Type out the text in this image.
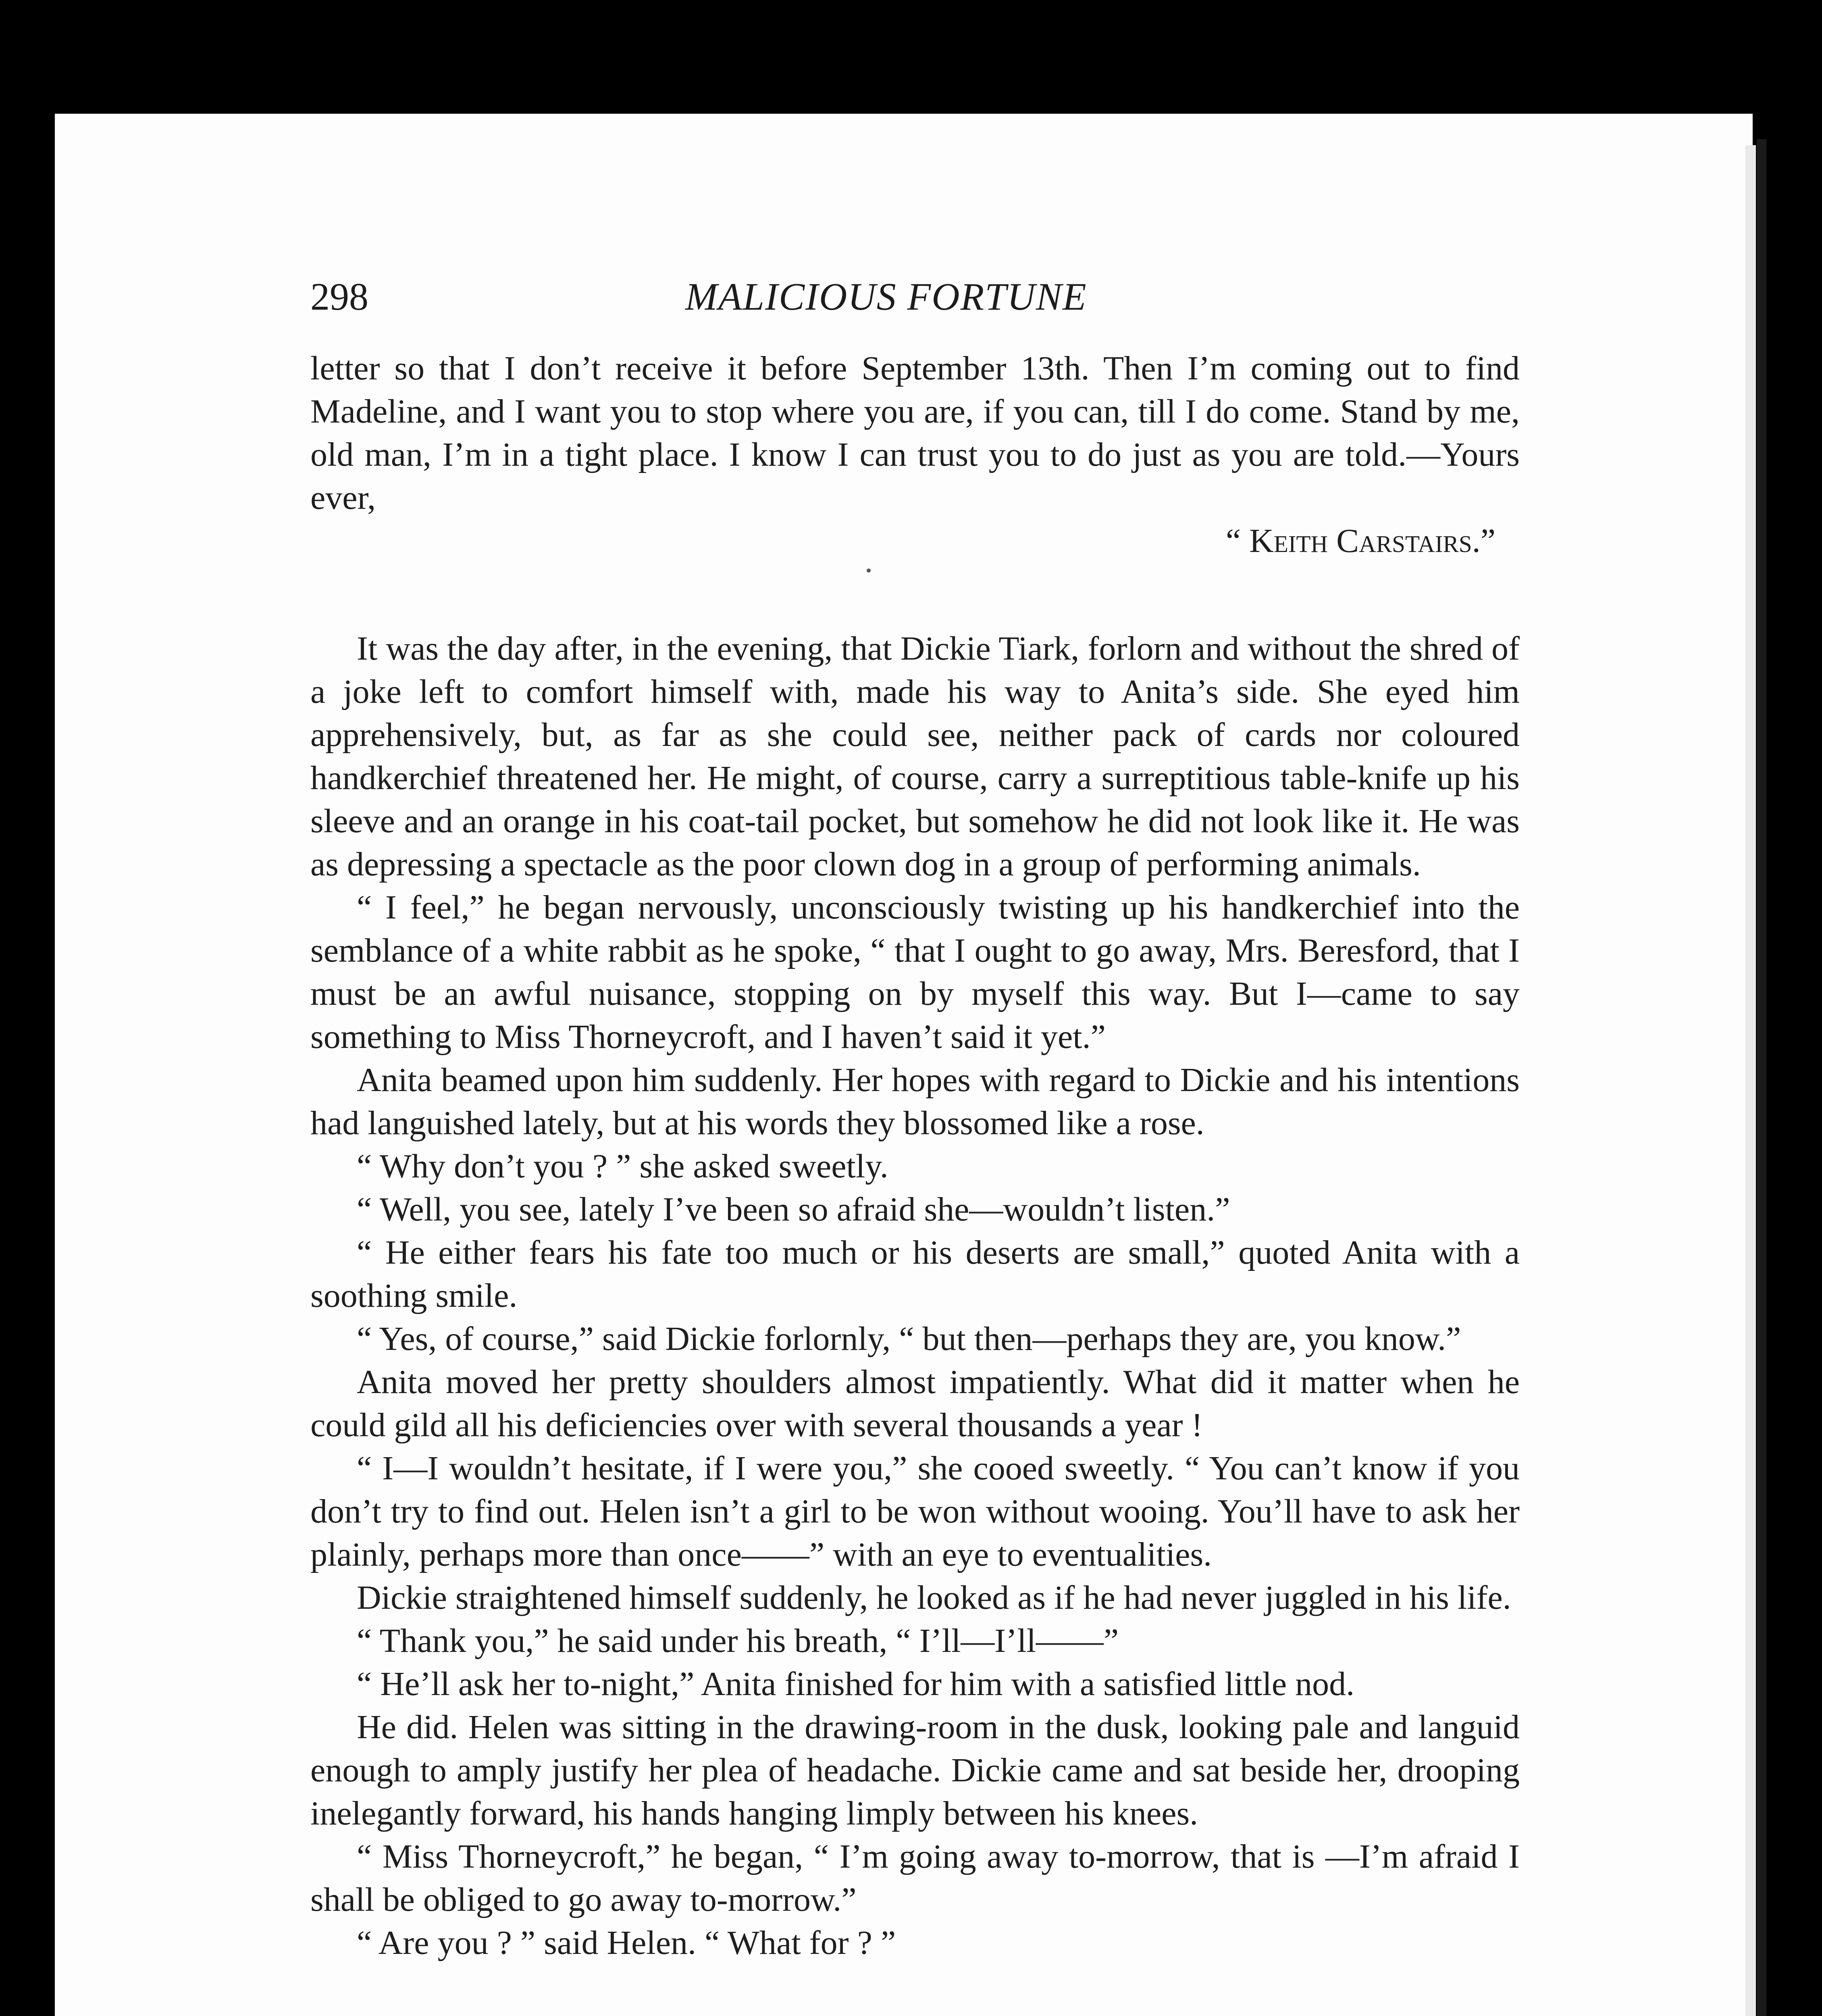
298	MALICIOUS FORTUNE

letter so that I don’t receive it before September 13th. Then I’m coming out to find Madeline, and I want you to stop where you are, if you can, till I do come. Stand by me, old man, I’m in a tight place. I know I can trust you to do just as you are told.—Yours ever,

“ Keith Carstairs.”

It was the day after, in the evening, that Dickie Tiark, forlorn and without the shred of a joke left to comfort himself with, made his way to Anita’s side. She eyed him apprehensively, but, as far as she could see, neither pack of cards nor coloured handkerchief threatened her. He might, of course, carry a surreptitious table-knife up his sleeve and an orange in his coat-tail pocket, but somehow he did not look like it. He was as depressing a spectacle as the poor clown dog in a group of performing animals.

“ I feel,” he began nervously, unconsciously twisting up his handkerchief into the semblance of a white rabbit as he spoke, “ that I ought to go away, Mrs. Beresford, that I must be an awful nuisance, stopping on by myself this way. But I—came to say something to Miss Thorneycroft, and I haven’t said it yet.”

Anita beamed upon him suddenly. Her hopes with regard to Dickie and his intentions had languished lately, but at his words they blossomed like a rose.

“ Why don’t you ? ” she asked sweetly.

“ Well, you see, lately I’ve been so afraid she—wouldn’t listen.”

“ He either fears his fate too much or his deserts are small,” quoted Anita with a soothing smile.

“ Yes, of course,” said Dickie forlornly, “ but then—perhaps they are, you know.”

Anita moved her pretty shoulders almost impatiently. What did it matter when he could gild all his deficiencies over with several thousands a year !

“ I—I wouldn’t hesitate, if I were you,” she cooed sweetly. “ You can’t know if you don’t try to find out. Helen isn’t a girl to be won without wooing. You’ll have to ask her plainly, perhaps more than once——” with an eye to eventualities.

Dickie straightened himself suddenly, he looked as if he had never juggled in his life.

“ Thank you,” he said under his breath, “ I’ll—I’ll——”

“ He’ll ask her to-night,” Anita finished for him with a satisfied little nod.

He did. Helen was sitting in the drawing-room in the dusk, looking pale and languid enough to amply justify her plea of headache. Dickie came and sat beside her, drooping inelegantly forward, his hands hanging limply between his knees.

“ Miss Thorneycroft,” he began, “ I’m going away to-morrow, that is —I’m afraid I shall be obliged to go away to-morrow.”

“ Are you ? ” said Helen. “ What for ? ”
